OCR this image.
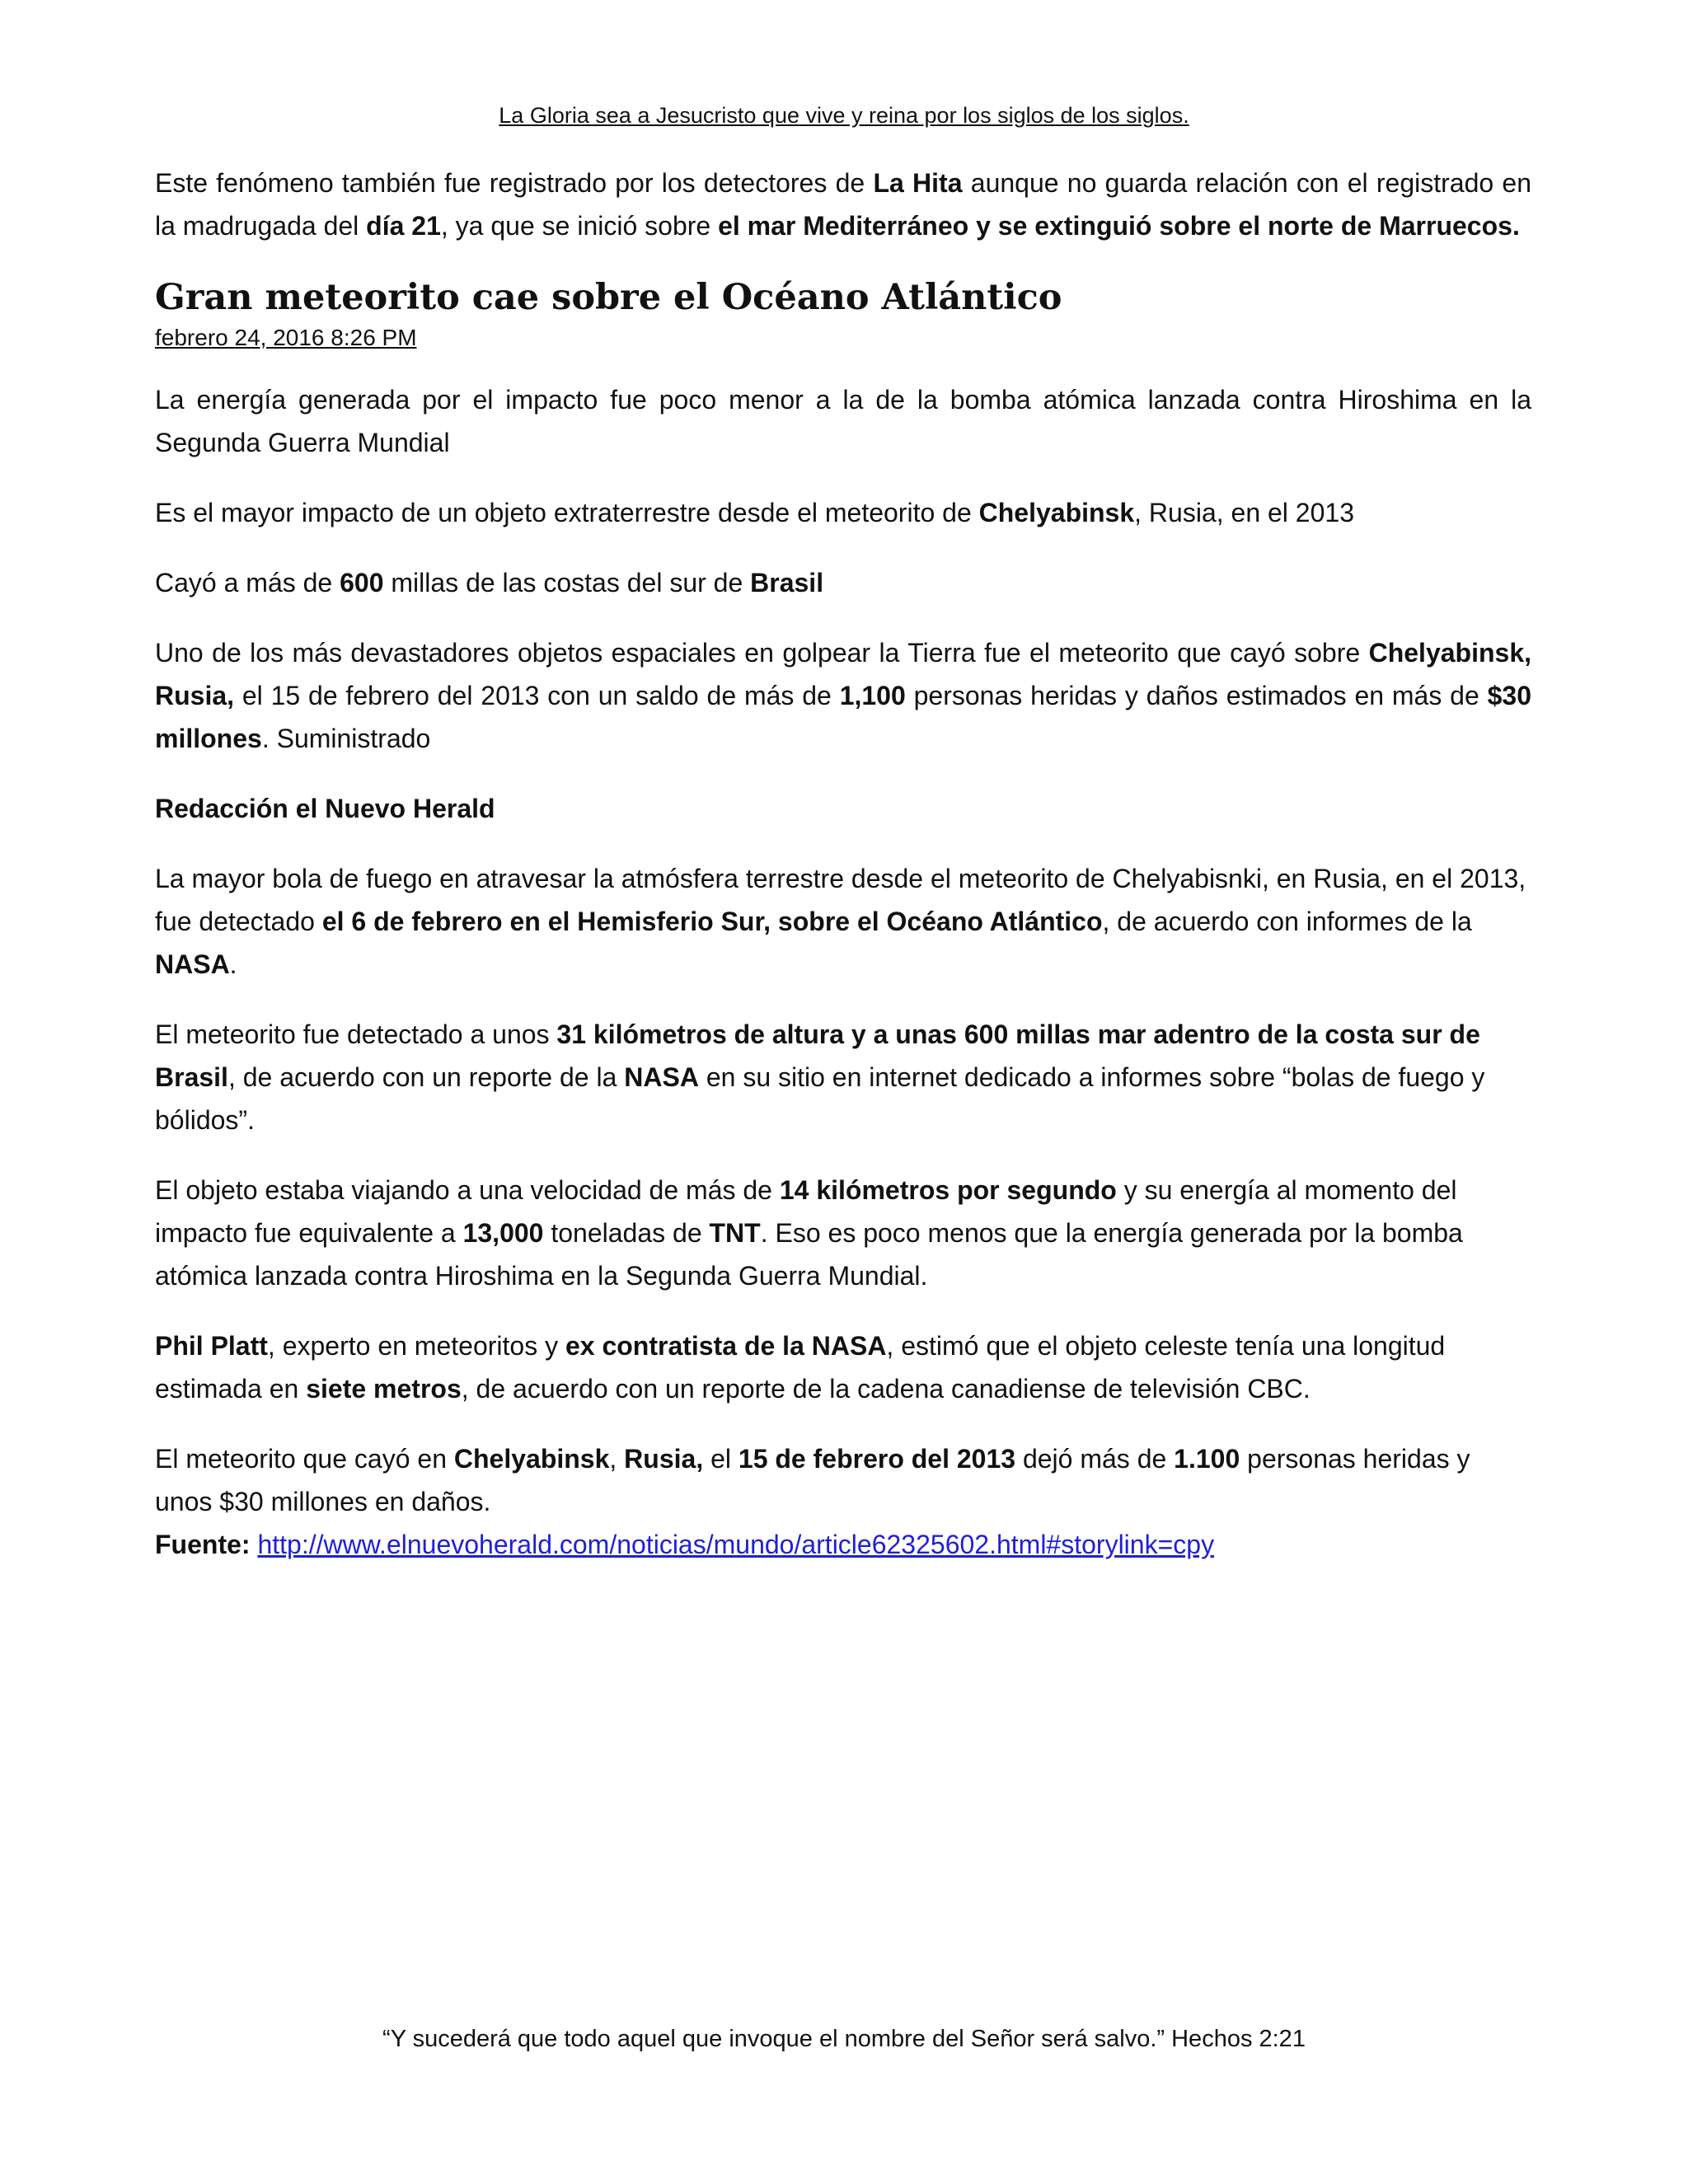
La Gloria sea a Jesucristo que vive y reina por los siglos de los siglos.

Este fenómeno también fue registrado por los detectores de La Hita aunque no guarda relación con el registrado en la madrugada del día 21, ya que se inició sobre el mar Mediterráneo y se extinguió sobre el norte de Marruecos.

Gran meteorito cae sobre el Océano Atlántico
febrero 24, 2016 8:26 PM

La energía generada por el impacto fue poco menor a la de la bomba atómica lanzada contra Hiroshima en la Segunda Guerra Mundial

Es el mayor impacto de un objeto extraterrestre desde el meteorito de Chelyabinsk, Rusia, en el 2013

Cayó a más de 600 millas de las costas del sur de Brasil

Uno de los más devastadores objetos espaciales en golpear la Tierra fue el meteorito que cayó sobre Chelyabinsk, Rusia, el 15 de febrero del 2013 con un saldo de más de 1,100 personas heridas y daños estimados en más de $30 millones. Suministrado

Redacción el Nuevo Herald

La mayor bola de fuego en atravesar la atmósfera terrestre desde el meteorito de Chelyabisnki, en Rusia, en el 2013, fue detectado el 6 de febrero en el Hemisferio Sur, sobre el Océano Atlántico, de acuerdo con informes de la NASA.

El meteorito fue detectado a unos 31 kilómetros de altura y a unas 600 millas mar adentro de la costa sur de Brasil, de acuerdo con un reporte de la NASA en su sitio en internet dedicado a informes sobre “bolas de fuego y bólidos”.

El objeto estaba viajando a una velocidad de más de 14 kilómetros por segundo y su energía al momento del impacto fue equivalente a 13,000 toneladas de TNT. Eso es poco menos que la energía generada por la bomba atómica lanzada contra Hiroshima en la Segunda Guerra Mundial.

Phil Platt, experto en meteoritos y ex contratista de la NASA, estimó que el objeto celeste tenía una longitud estimada en siete metros, de acuerdo con un reporte de la cadena canadiense de televisión CBC.

El meteorito que cayó en Chelyabinsk, Rusia, el 15 de febrero del 2013 dejó más de 1.100 personas heridas y unos $30 millones en daños.

Fuente: http://www.elnuevoherald.com/noticias/mundo/article62325602.html#storylink=cpy

“Y sucederá que todo aquel que invoque el nombre del Señor será salvo.” Hechos 2:21
